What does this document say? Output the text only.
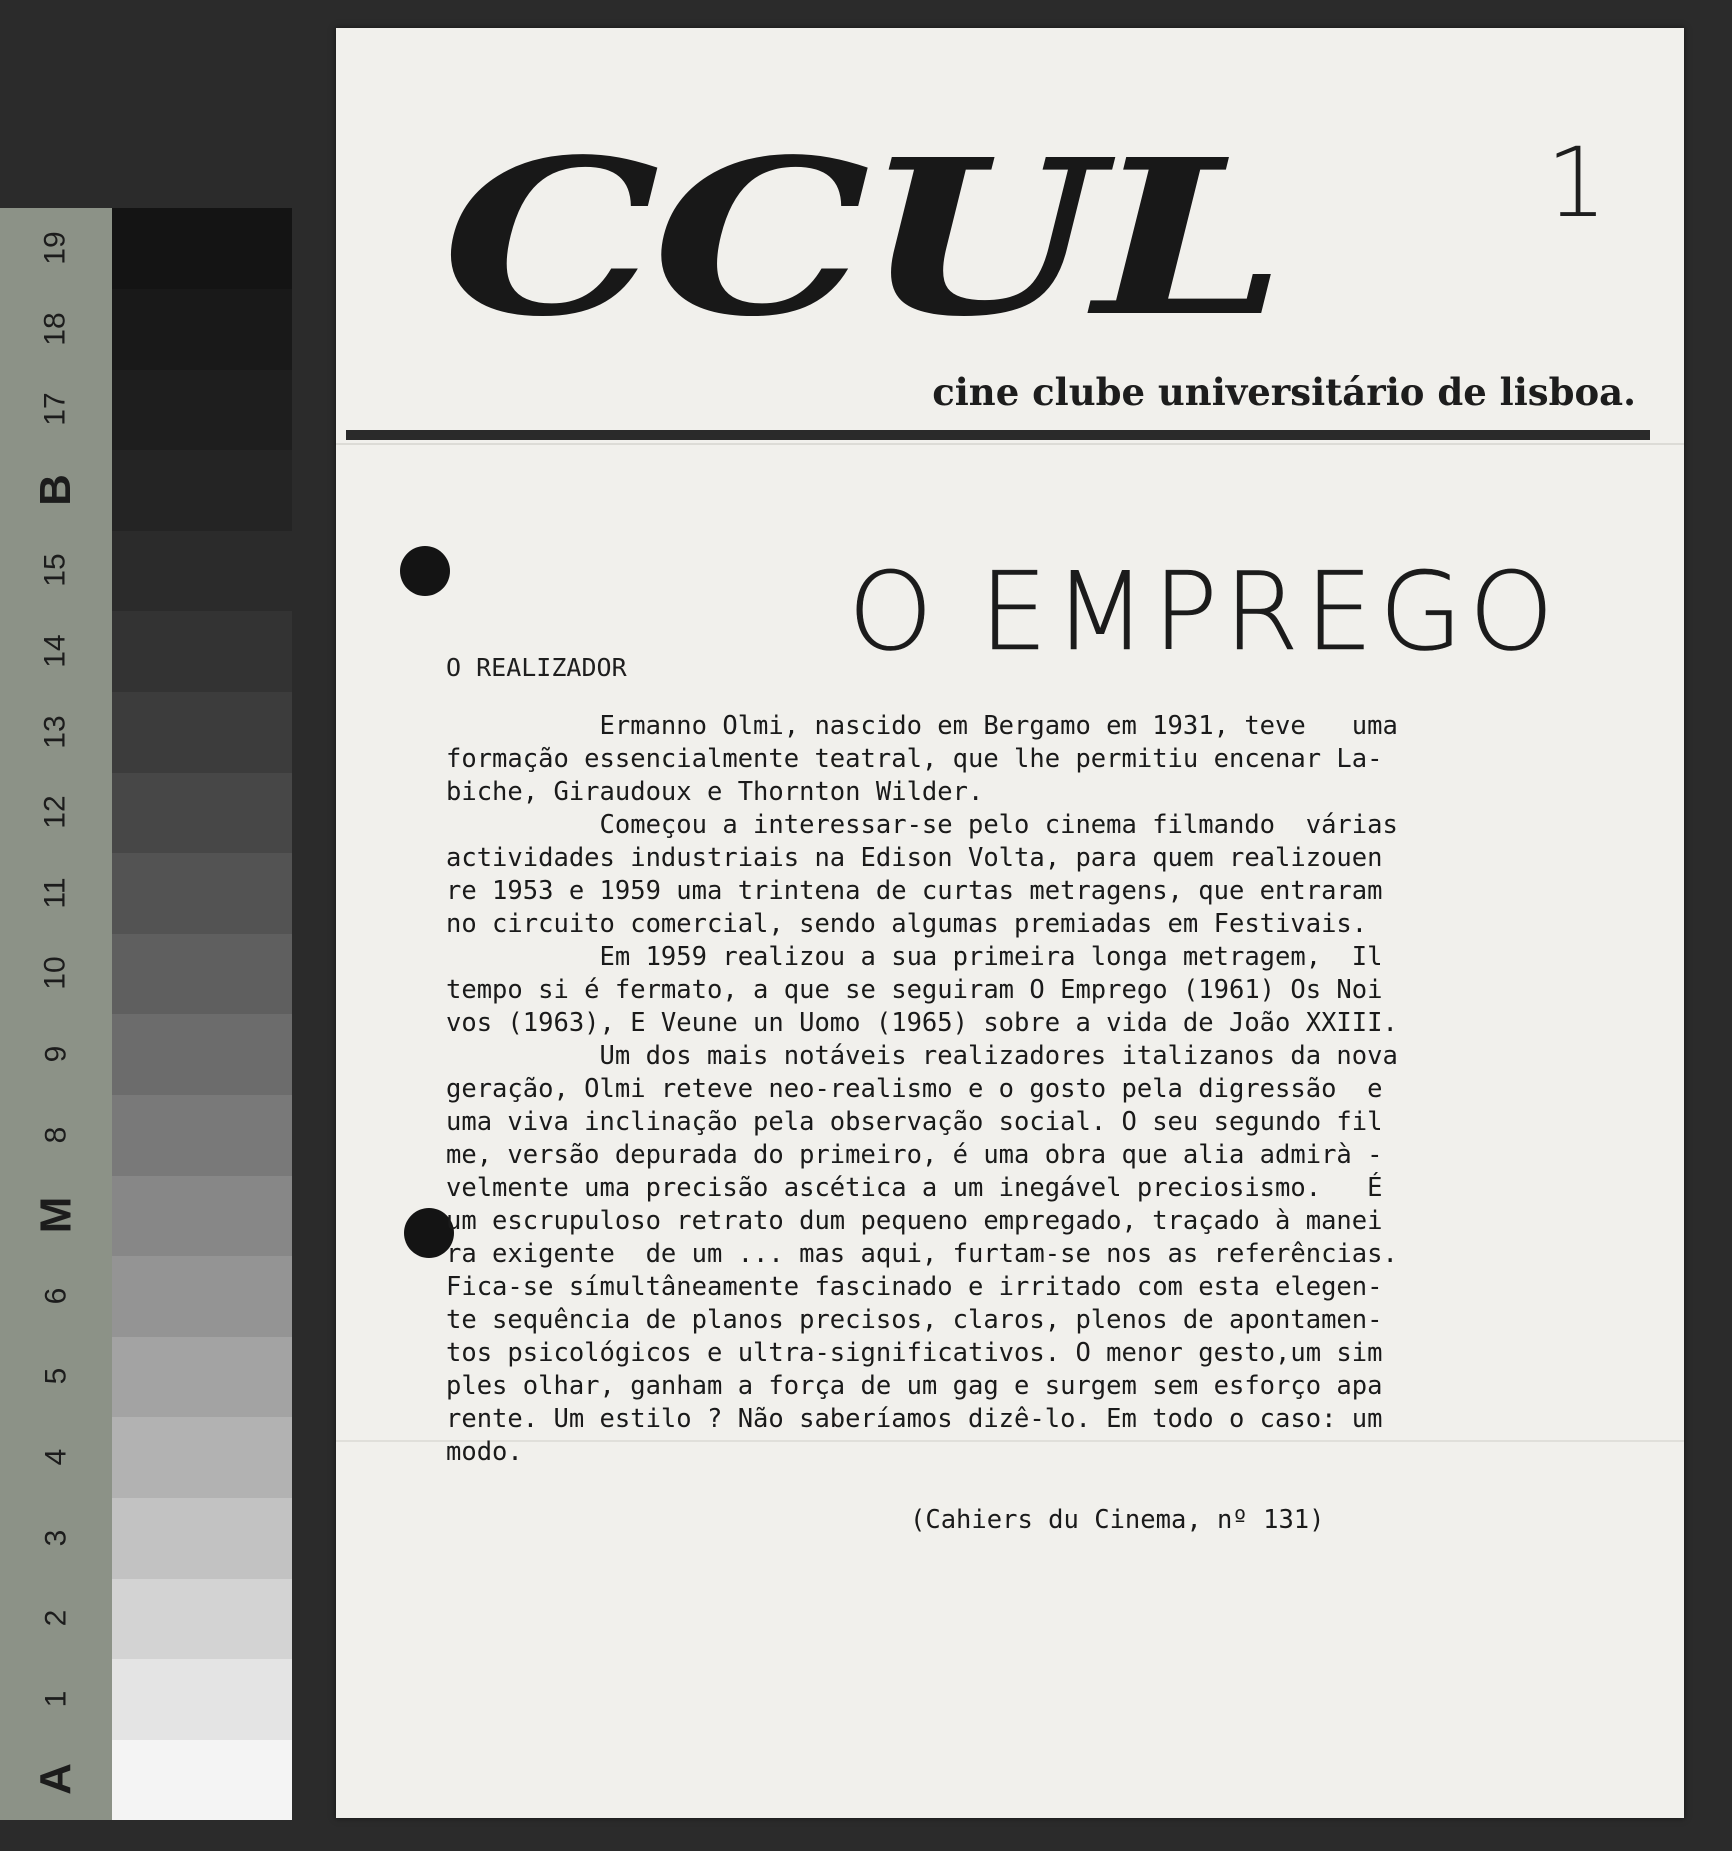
A
1
2
3
4
5
6
M
8
9
10
11
12
13
14
15
B
17
18
19
CCUL	1
cine clube universitário de lisboa.
O EMPREGO
O REALIZADOR
Ermanno Olmi, nascido em Bergamo em 1931, teve   uma
formação essencialmente teatral, que lhe permitiu encenar La-
biche, Giraudoux e Thornton Wilder.
Começou a interessar-se pelo cinema filmando  várias
actividades industriais na Edison Volta, para quem realizouen
re 1953 e 1959 uma trintena de curtas metragens, que entraram
no circuito comercial, sendo algumas premiadas em Festivais.
Em 1959 realizou a sua primeira longa metragem,  Il
tempo si é fermato, a que se seguiram O Emprego (1961) Os Noi
vos (1963), E Veune un Uomo (1965) sobre a vida de João XXIII.
Um dos mais notáveis realizadores italizanos da nova
geração, Olmi reteve neo-realismo e o gosto pela digressão  e
uma viva inclinação pela observação social. O seu segundo fil
me, versão depurada do primeiro, é uma obra que alia admirà -
velmente uma precisão ascética a um inegável preciosismo.   É
um escrupuloso retrato dum pequeno empregado, traçado à manei
ra exigente  de um ... mas aqui, furtam-se nos as referências.
Fica-se símultâneamente fascinado e irritado com esta elegen-
te sequência de planos precisos, claros, plenos de apontamen-
tos psicológicos e ultra-significativos. O menor gesto,um sim
ples olhar, ganham a força de um gag e surgem sem esforço apa
rente. Um estilo ? Não saberíamos dizê-lo. Em todo o caso: um
modo.
(Cahiers du Cinema, nº 131)
